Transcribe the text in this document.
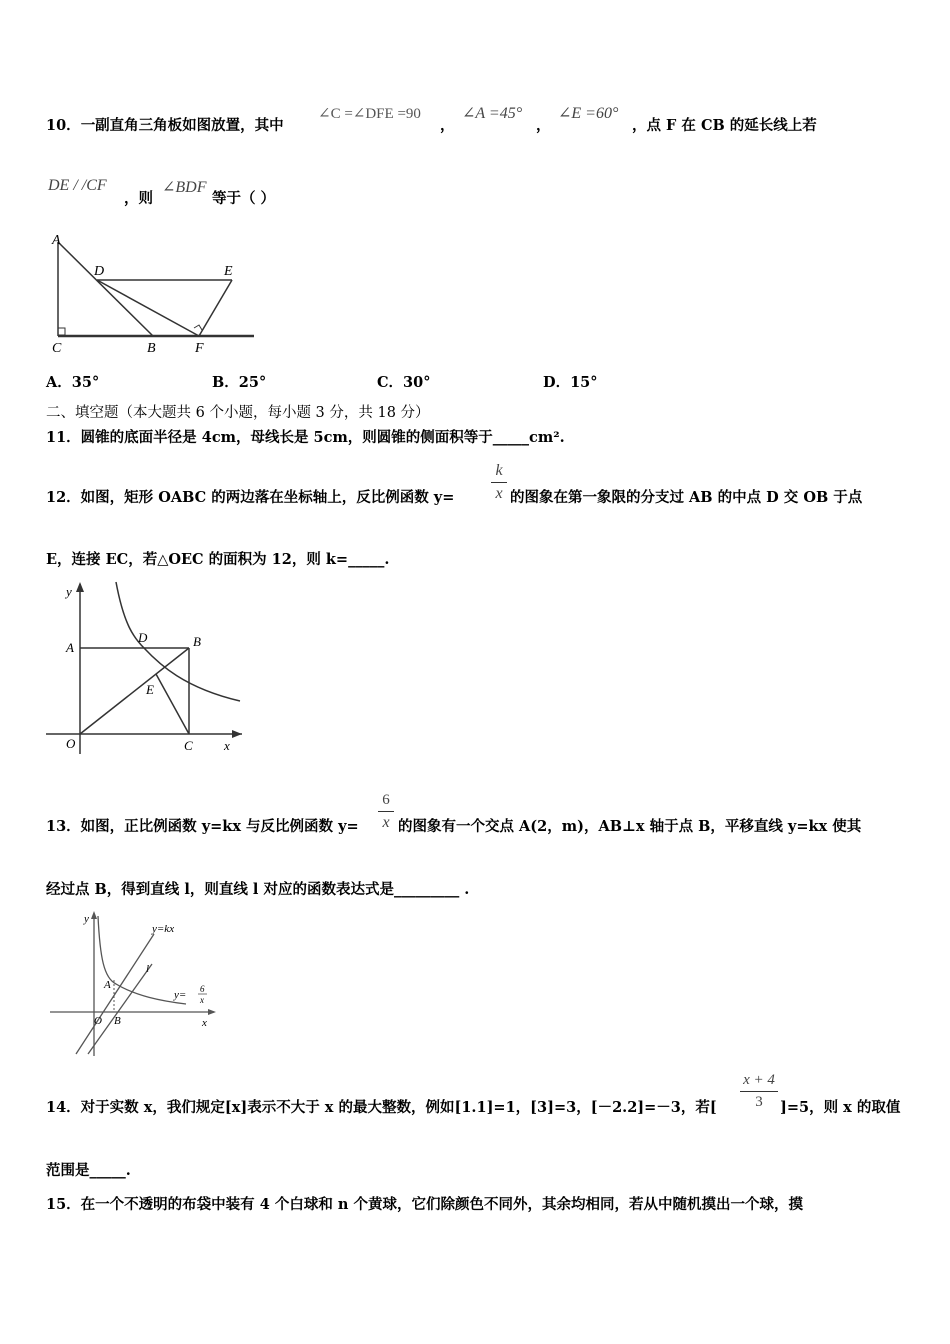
10．一副直角三角板如图放置，其中
∠C =∠DFE =90
，
∠A =45°
，
∠E =60°
，点 F 在 CB 的延长线上若
DE / /CF
，则
∠BDF
等于（ ）
A
D	E
C	B	F
A．35°	B．25°	C．30°	D．15°
二、填空题（本大题共 6 个小题，每小题 3 分，共 18 分）
11．圆锥的底面半径是 4cm，母线长是 5cm，则圆锥的侧面积等于_____cm².
12．如图，矩形 OABC 的两边落在坐标轴上，反比例函数 y=
k
x 的图象在第一象限的分支过 AB 的中点 D 交 OB 于点
E，连接 EC，若△OEC 的面积为 12，则 k=_____.
y
A
D	B
E
O	C x
13．如图，正比例函数 y=kx 与反比例函数 y=
6
x 的图象有一个交点 A(2，m)，AB⊥x 轴于点 B，平移直线 y=kx 使其
经过点 B，得到直线 l，则直线 l 对应的函数表达式是_________ .
y
y=kx
l
A
y= 6
x
O B	x
14．对于实数 x，我们规定[x]表示不大于 x 的最大整数，例如[1.1]=1，[3]=3，[－2.2]=－3，若[
x + 4
3	]=5，则 x 的取值
范围是_____.
15．在一个不透明的布袋中装有 4 个白球和 n 个黄球，它们除颜色不同外，其余均相同，若从中随机摸出一个球，摸
